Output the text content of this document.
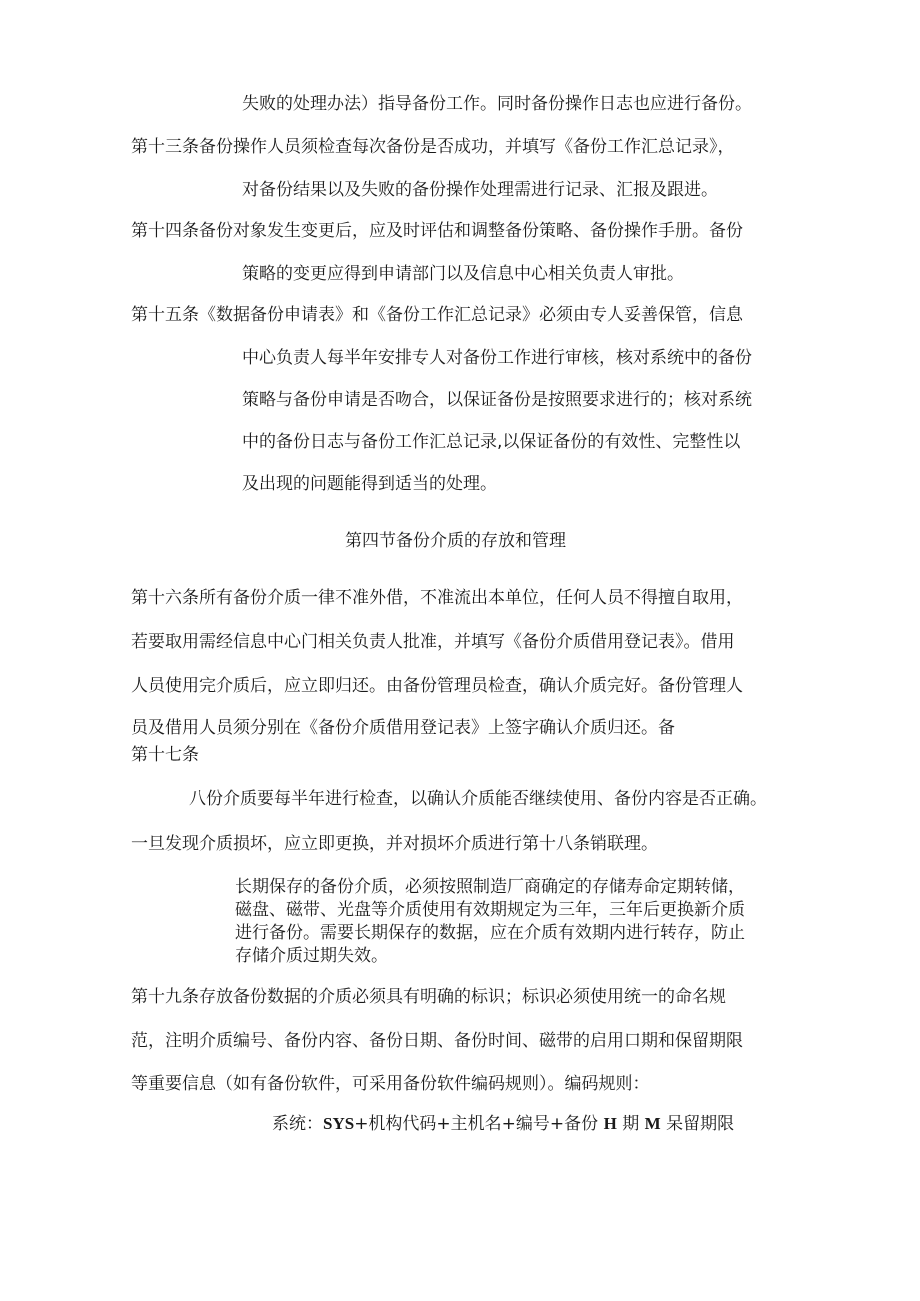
失败的处理办法）指导备份工作。同时备份操作日志也应进行备份。
第十三条备份操作人员须检查每次备份是否成功，并填写《备份工作汇总记录》，
对备份结果以及失败的备份操作处理需进行记录、汇报及跟进。
第十四条备份对象发生变更后，应及时评估和调整备份策略、备份操作手册。备份
策略的变更应得到申请部门以及信息中心相关负责人审批。
第十五条《数据备份申请表》和《备份工作汇总记录》必须由专人妥善保管，信息
中心负责人每半年安排专人对备份工作进行审核，核对系统中的备份
策略与备份申请是否吻合，以保证备份是按照要求进行的；核对系统
中的备份日志与备份工作汇总记录,以保证备份的有效性、完整性以
及出现的问题能得到适当的处理。
第四节备份介质的存放和管理
第十六条所有备份介质一律不准外借，不准流出本单位，任何人员不得擅自取用，
若要取用需经信息中心门相关负责人批准，并填写《备份介质借用登记表》。借用
人员使用完介质后，应立即归还。由备份管理员检查，确认介质完好。备份管理人
员及借用人员须分别在《备份介质借用登记表》上签字确认介质归还。备
第十七条
八份介质要每半年进行检查，以确认介质能否继续使用、备份内容是否正确。
一旦发现介质损坏，应立即更换，并对损坏介质进行第十八条销联理。
长期保存的备份介质，必须按照制造厂商确定的存储寿命定期转储，
磁盘、磁带、光盘等介质使用有效期规定为三年，三年后更换新介质
进行备份。需要长期保存的数据，应在介质有效期内进行转存，防止
存储介质过期失效。
第十九条存放备份数据的介质必须具有明确的标识；标识必须使用统一的命名规
范，注明介质编号、备份内容、备份日期、备份时间、磁带的启用口期和保留期限
等重要信息（如有备份软件，可采用备份软件编码规则）。编码规则：
系统：SYS+机构代码+主机名+编号+备份 H 期 M 呆留期限
